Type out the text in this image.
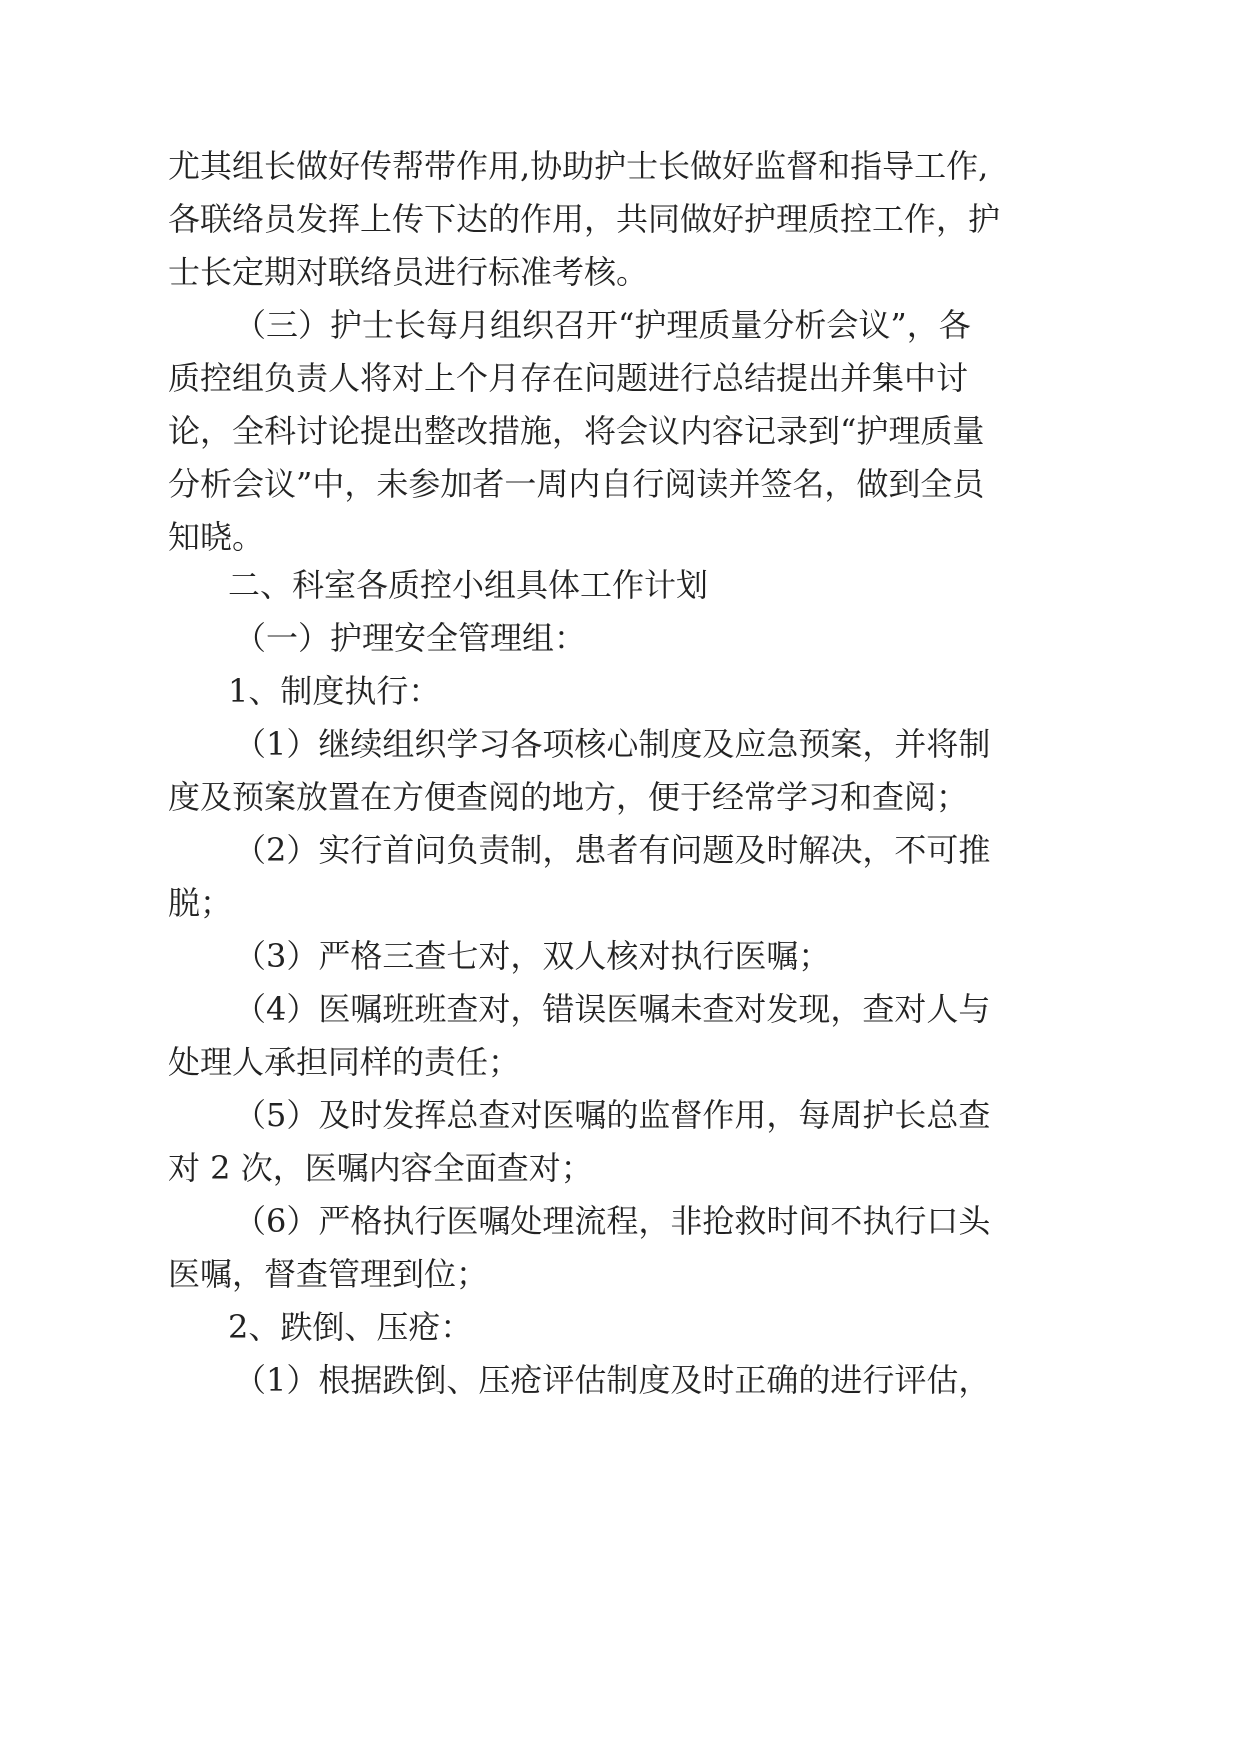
尤其组长做好传帮带作用,协助护士长做好监督和指导工作,

各联络员发挥上传下达的作用，共同做好护理质控工作，护

士长定期对联络员进行标准考核。

（三）护士长每月组织召开“护理质量分析会议”，各

质控组负责人将对上个月存在问题进行总结提出并集中讨

论，全科讨论提出整改措施，将会议内容记录到“护理质量

分析会议”中，未参加者一周内自行阅读并签名，做到全员

知晓。

二、科室各质控小组具体工作计划

（一）护理安全管理组：

1、制度执行：

（1）继续组织学习各项核心制度及应急预案，并将制

度及预案放置在方便查阅的地方，便于经常学习和查阅；

（2）实行首问负责制，患者有问题及时解决，不可推

脱；

（3）严格三查七对，双人核对执行医嘱；

（4）医嘱班班查对，错误医嘱未查对发现，查对人与

处理人承担同样的责任；

（5）及时发挥总查对医嘱的监督作用，每周护长总查

对 2 次，医嘱内容全面查对；

（6）严格执行医嘱处理流程，非抢救时间不执行口头

医嘱，督查管理到位；

2、跌倒、压疮：

（1）根据跌倒、压疮评估制度及时正确的进行评估，
